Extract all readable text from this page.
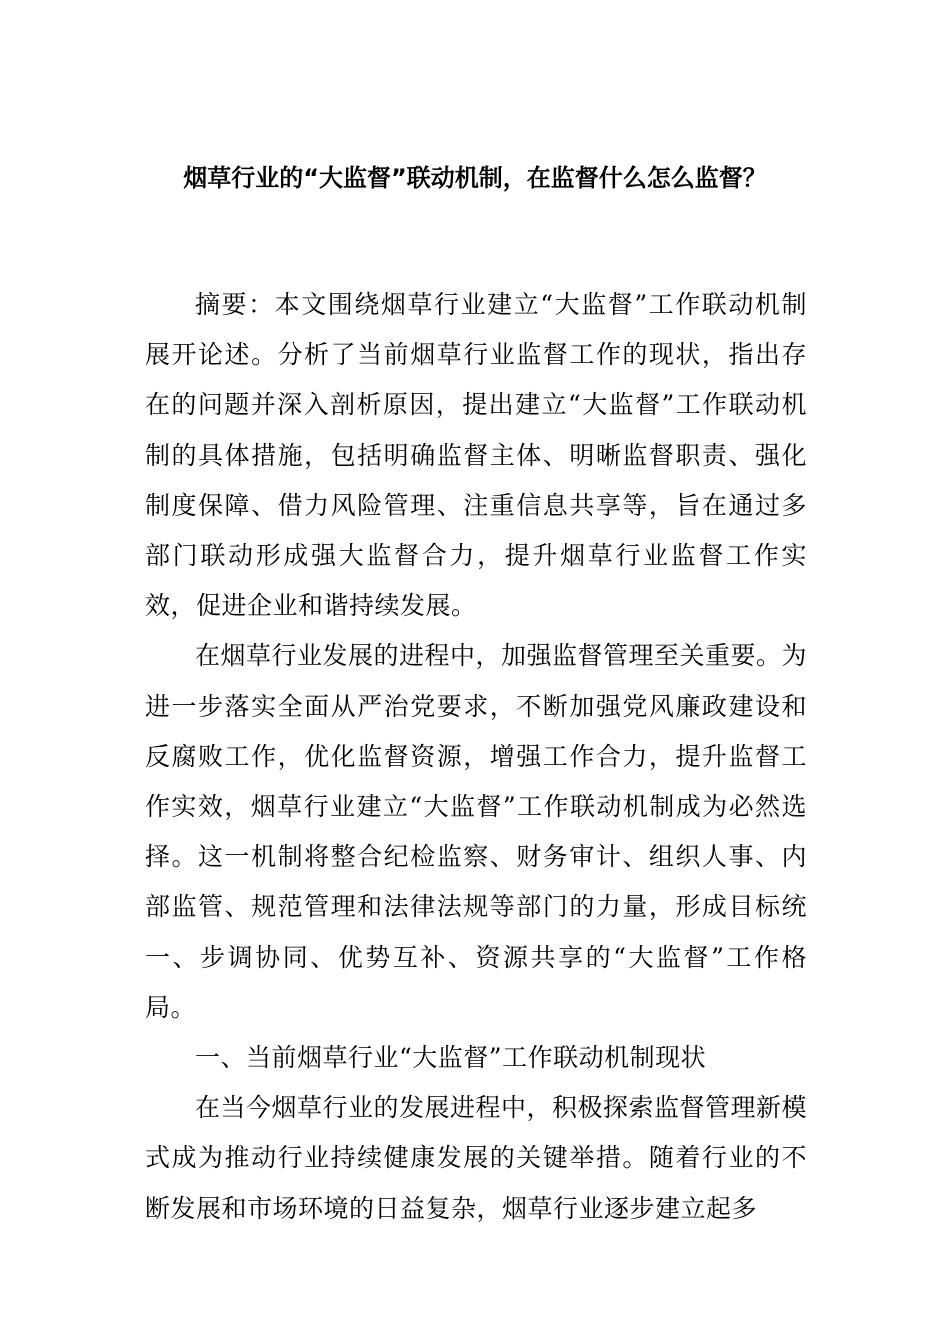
烟草行业的“大监督”联动机制，在监督什么怎么监督？

摘要：本文围绕烟草行业建立“大监督”工作联动机制展开论述。分析了当前烟草行业监督工作的现状，指出存在的问题并深入剖析原因，提出建立“大监督”工作联动机制的具体措施，包括明确监督主体、明晰监督职责、强化制度保障、借力风险管理、注重信息共享等，旨在通过多部门联动形成强大监督合力，提升烟草行业监督工作实效，促进企业和谐持续发展。

在烟草行业发展的进程中，加强监督管理至关重要。为进一步落实全面从严治党要求，不断加强党风廉政建设和反腐败工作，优化监督资源，增强工作合力，提升监督工作实效，烟草行业建立“大监督”工作联动机制成为必然选择。这一机制将整合纪检监察、财务审计、组织人事、内部监管、规范管理和法律法规等部门的力量，形成目标统一、步调协同、优势互补、资源共享的“大监督”工作格局。

一、当前烟草行业“大监督”工作联动机制现状

在当今烟草行业的发展进程中，积极探索监督管理新模式成为推动行业持续健康发展的关键举措。随着行业的不断发展和市场环境的日益复杂，烟草行业逐步建立起多
